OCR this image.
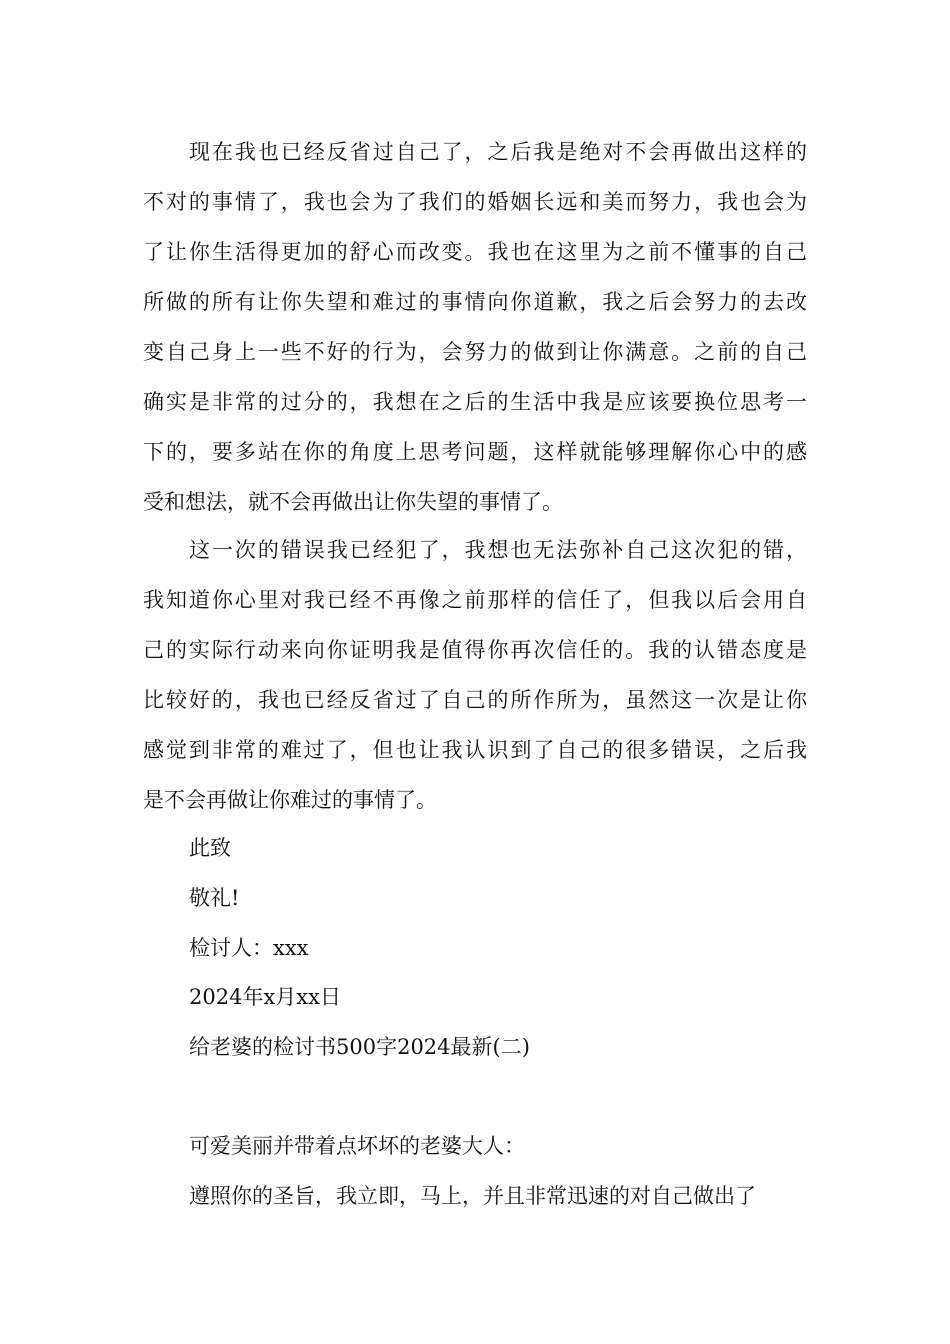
现在我也已经反省过自己了，之后我是绝对不会再做出这样的
不对的事情了，我也会为了我们的婚姻长远和美而努力，我也会为
了让你生活得更加的舒心而改变。我也在这里为之前不懂事的自己
所做的所有让你失望和难过的事情向你道歉，我之后会努力的去改
变自己身上一些不好的行为，会努力的做到让你满意。之前的自己
确实是非常的过分的，我想在之后的生活中我是应该要换位思考一
下的，要多站在你的角度上思考问题，这样就能够理解你心中的感
受和想法，就不会再做出让你失望的事情了。
这一次的错误我已经犯了，我想也无法弥补自己这次犯的错，
我知道你心里对我已经不再像之前那样的信任了，但我以后会用自
己的实际行动来向你证明我是值得你再次信任的。我的认错态度是
比较好的，我也已经反省过了自己的所作所为，虽然这一次是让你
感觉到非常的难过了，但也让我认识到了自己的很多错误，之后我
是不会再做让你难过的事情了。
此致
敬礼!
检讨人：xxx
2024年x月xx日
给老婆的检讨书500字2024最新(二)
可爱美丽并带着点坏坏的老婆大人：
遵照你的圣旨，我立即，马上，并且非常迅速的对自己做出了
